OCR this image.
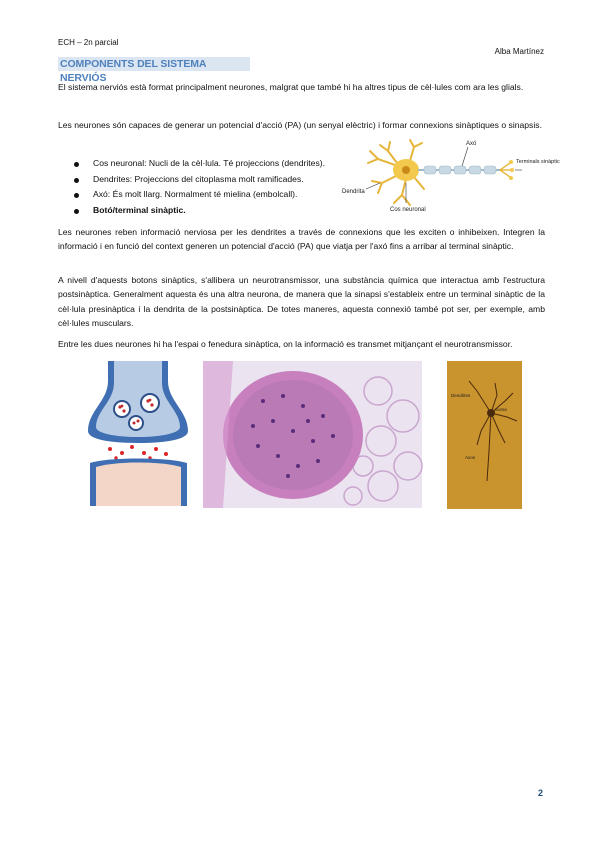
ECH – 2n parcial
Alba Martínez
COMPONENTS DEL SISTEMA NERVIÓS

El sistema nerviós està format principalment neurones, malgrat que també hi ha altres tipus de cèl·lules com ara les glials.

Les neurones són capaces de generar un potencial d'acció (PA) (un senyal elèctric) i formar connexions sinàptiques o sinapsis.

Cos neuronal: Nucli de la cèl·lula. Té projeccions (dendrites).
Dendrites: Projeccions del citoplasma molt ramificades.
Axó: És molt llarg. Normalment té mielina (embolcall).
Botó/terminal sinàptic.
Axó
Terminals sinàptic
Dendrita
Cos neuronal

Les neurones reben informació nerviosa per les dendrites a través de connexions que les exciten o inhibeixen. Integren la informació i en funció del context generen un potencial d'acció (PA) que viatja per l'axó fins a arribar al terminal sinàptic.

A nivell d'aquests botons sinàptics, s'allibera un neurotransmissor, una substància química que interactua amb l'estructura postsinàptica. Generalment aquesta és una altra neurona, de manera que la sinapsi s'estableix entre un terminal sinàptic de la cèl·lula presinàptica i la dendrita de la postsinàptica. De totes maneres, aquesta connexió també pot ser, per exemple, amb cèl·lules musculars.

Entre les dues neurones hi ha l'espai o fenedura sinàptica, on la informació es transmet mitjançant el neurotransmissor.

Dendrites
Soma
Axon
2
